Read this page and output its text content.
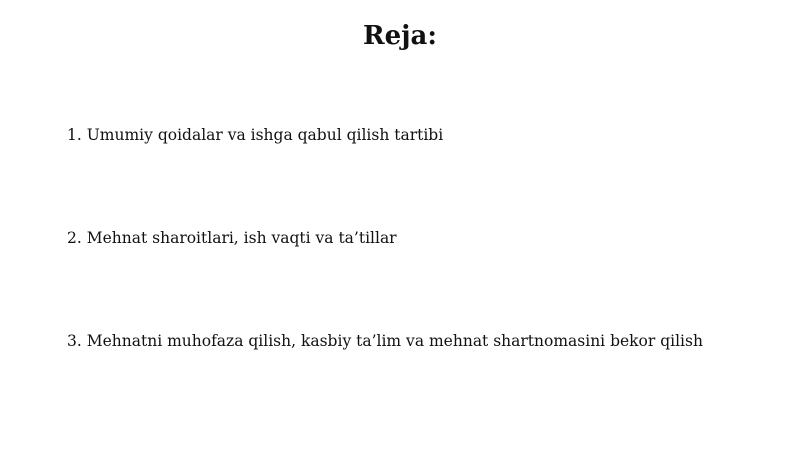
Reja:
1. Umumiy qoidalar va ishga qabul qilish tartibi
2. Mehnat sharoitlari, ish vaqti va ta’tillar
3. Mehnatni muhofaza qilish, kasbiy ta’lim va mehnat shartnomasini bekor qilish
